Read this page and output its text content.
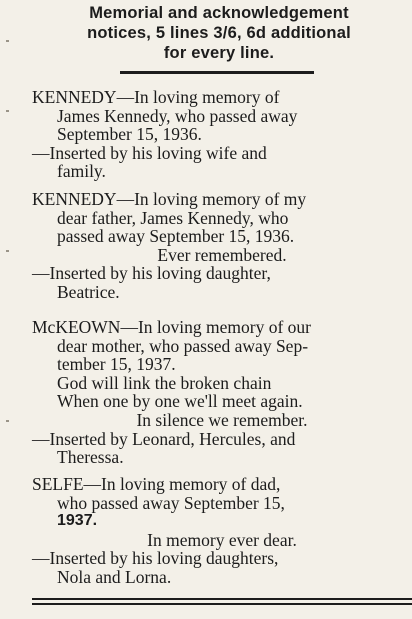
Memorial and acknowledgement
notices, 5 lines 3/6, 6d additional
for every line.
KENNEDY—In loving memory of
James Kennedy, who passed away
September 15, 1936.
—Inserted by his loving wife and
family.
KENNEDY—In loving memory of my
dear father, James Kennedy, who
passed away September 15, 1936.
Ever remembered.
—Inserted by his loving daughter,
Beatrice.
McKEOWN—In loving memory of our
dear mother, who passed away Sep-
tember 15, 1937.
God will link the broken chain
When one by one we'll meet again.
In silence we remember.
—Inserted by Leonard, Hercules, and
Theressa.
SELFE—In loving memory of dad,
who passed away September 15,
1937.
In memory ever dear.
—Inserted by his loving daughters,
Nola and Lorna.
